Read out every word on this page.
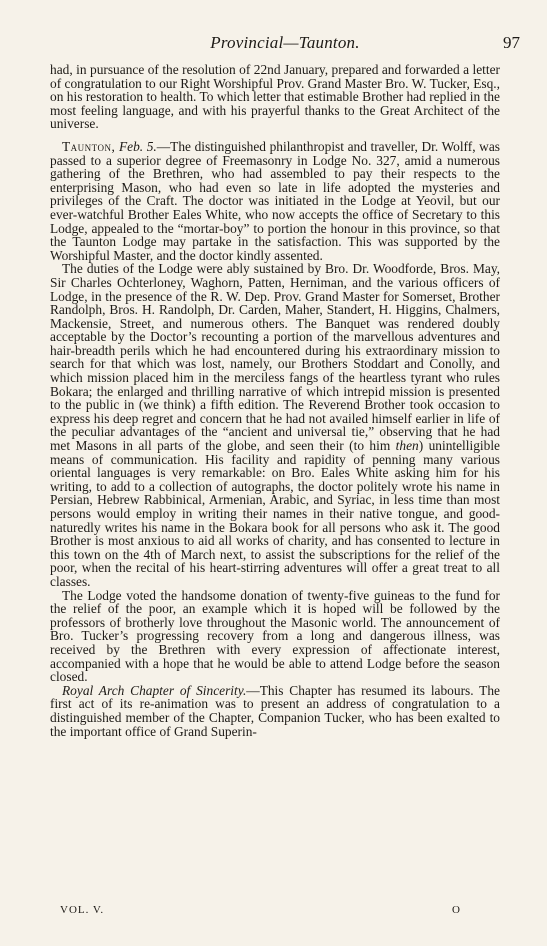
Provincial—Taunton.	97

had, in pursuance of the resolution of 22nd January, prepared and forwarded a letter of congratulation to our Right Worshipful Prov. Grand Master Bro. W. Tucker, Esq., on his restoration to health. To which letter that estimable Brother had replied in the most feeling language, and with his prayerful thanks to the Great Architect of the universe.

Taunton, Feb. 5.—The distinguished philanthropist and traveller, Dr. Wolff, was passed to a superior degree of Freemasonry in Lodge No. 327, amid a numerous gathering of the Brethren, who had assembled to pay their respects to the enterprising Mason, who had even so late in life adopted the mysteries and privileges of the Craft. The doctor was initiated in the Lodge at Yeovil, but our ever-watchful Brother Eales White, who now accepts the office of Secretary to this Lodge, appealed to the “mortar-boy” to portion the honour in this province, so that the Taunton Lodge may partake in the satisfaction. This was supported by the Worshipful Master, and the doctor kindly assented.

The duties of the Lodge were ably sustained by Bro. Dr. Woodforde, Bros. May, Sir Charles Ochterloney, Waghorn, Patten, Herniman, and the various officers of Lodge, in the presence of the R. W. Dep. Prov. Grand Master for Somerset, Brother Randolph, Bros. H. Randolph, Dr. Carden, Maher, Standert, H. Higgins, Chalmers, Mackensie, Street, and numerous others. The Banquet was rendered doubly acceptable by the Doctor’s recounting a portion of the marvellous adventures and hair-breadth perils which he had encountered during his extraordinary mission to search for that which was lost, namely, our Brothers Stoddart and Conolly, and which mission placed him in the merciless fangs of the heartless tyrant who rules Bokara; the enlarged and thrilling narrative of which intrepid mission is presented to the public in (we think) a fifth edition. The Reverend Brother took occasion to express his deep regret and concern that he had not availed himself earlier in life of the peculiar advantages of the “ancient and universal tie,” observing that he had met Masons in all parts of the globe, and seen their (to him then) unintelligible means of communication. His facility and rapidity of penning many various oriental languages is very remarkable: on Bro. Eales White asking him for his writing, to add to a collection of autographs, the doctor politely wrote his name in Persian, Hebrew Rabbinical, Armenian, Arabic, and Syriac, in less time than most persons would employ in writing their names in their native tongue, and good-naturedly writes his name in the Bokara book for all persons who ask it. The good Brother is most anxious to aid all works of charity, and has consented to lecture in this town on the 4th of March next, to assist the subscriptions for the relief of the poor, when the recital of his heart-stirring adventures will offer a great treat to all classes.

The Lodge voted the handsome donation of twenty-five guineas to the fund for the relief of the poor, an example which it is hoped will be followed by the professors of brotherly love throughout the Masonic world. The announcement of Bro. Tucker’s progressing recovery from a long and dangerous illness, was received by the Brethren with every expression of affectionate interest, accompanied with a hope that he would be able to attend Lodge before the season closed.

Royal Arch Chapter of Sincerity.—This Chapter has resumed its labours. The first act of its re-animation was to present an address of congratulation to a distinguished member of the Chapter, Companion Tucker, who has been exalted to the important office of Grand Superin-

VOL. V.	O
